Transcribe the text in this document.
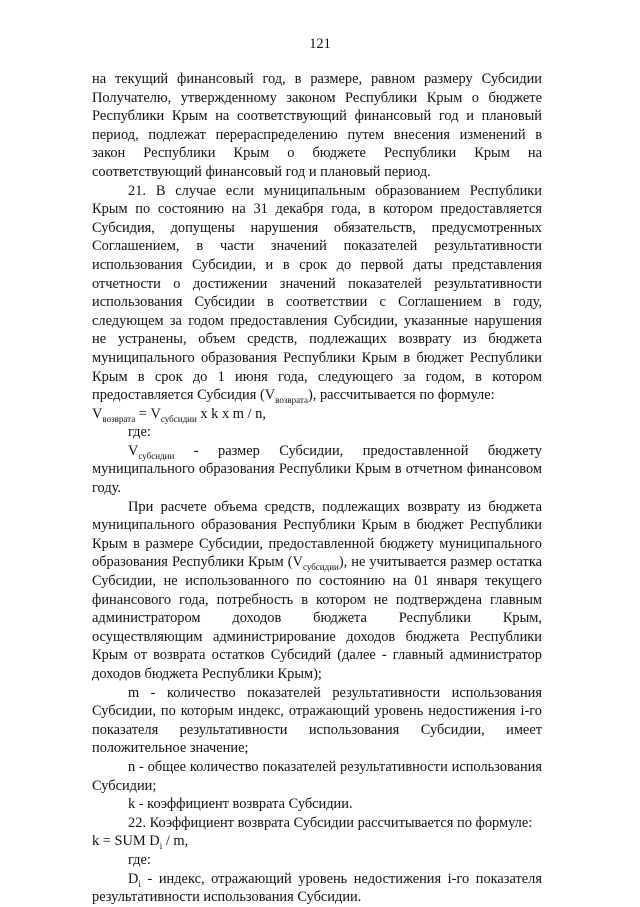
121

на текущий финансовый год, в размере, равном размеру Субсидии Получателю, утвержденному законом Республики Крым о бюджете Республики Крым на соответствующий финансовый год и плановый период, подлежат перераспределению путем внесения изменений в закон Республики Крым о бюджете Республики Крым на соответствующий финансовый год и плановый период.

21. В случае если муниципальным образованием Республики Крым по состоянию на 31 декабря года, в котором предоставляется Субсидия, допущены нарушения обязательств, предусмотренных Соглашением, в части значений показателей результативности использования Субсидии, и в срок до первой даты представления отчетности о достижении значений показателей результативности использования Субсидии в соответствии с Соглашением в году, следующем за годом предоставления Субсидии, указанные нарушения не устранены, объем средств, подлежащих возврату из бюджета муниципального образования Республики Крым в бюджет Республики Крым в срок до 1 июня года, следующего за годом, в котором предоставляется Субсидия $(V_{возврата})$, рассчитывается по формуле:

$V_{возврата} = V_{субсидии}$ x k x m / n,

где:

$V_{субсидии}$ - размер Субсидии, предоставленной бюджету муниципального образования Республики Крым в отчетном финансовом году.

При расчете объема средств, подлежащих возврату из бюджета муниципального образования Республики Крым в бюджет Республики Крым в размере Субсидии, предоставленной бюджету муниципального образования Республики Крым $(V_{субсидии})$, не учитывается размер остатка Субсидии, не использованного по состоянию на 01 января текущего финансового года, потребность в котором не подтверждена главным администратором доходов бюджета Республики Крым, осуществляющим администрирование доходов бюджета Республики Крым от возврата остатков Субсидий (далее - главный администратор доходов бюджета Республики Крым);

m - количество показателей результативности использования Субсидии, по которым индекс, отражающий уровень недостижения i-го показателя результативности использования Субсидии, имеет положительное значение;

n - общее количество показателей результативности использования Субсидии;

k - коэффициент возврата Субсидии.

22. Коэффициент возврата Субсидии рассчитывается по формуле:

k = SUM $D_i$ / m,

где:

$D_i$ - индекс, отражающий уровень недостижения i-го показателя результативности использования Субсидии.
